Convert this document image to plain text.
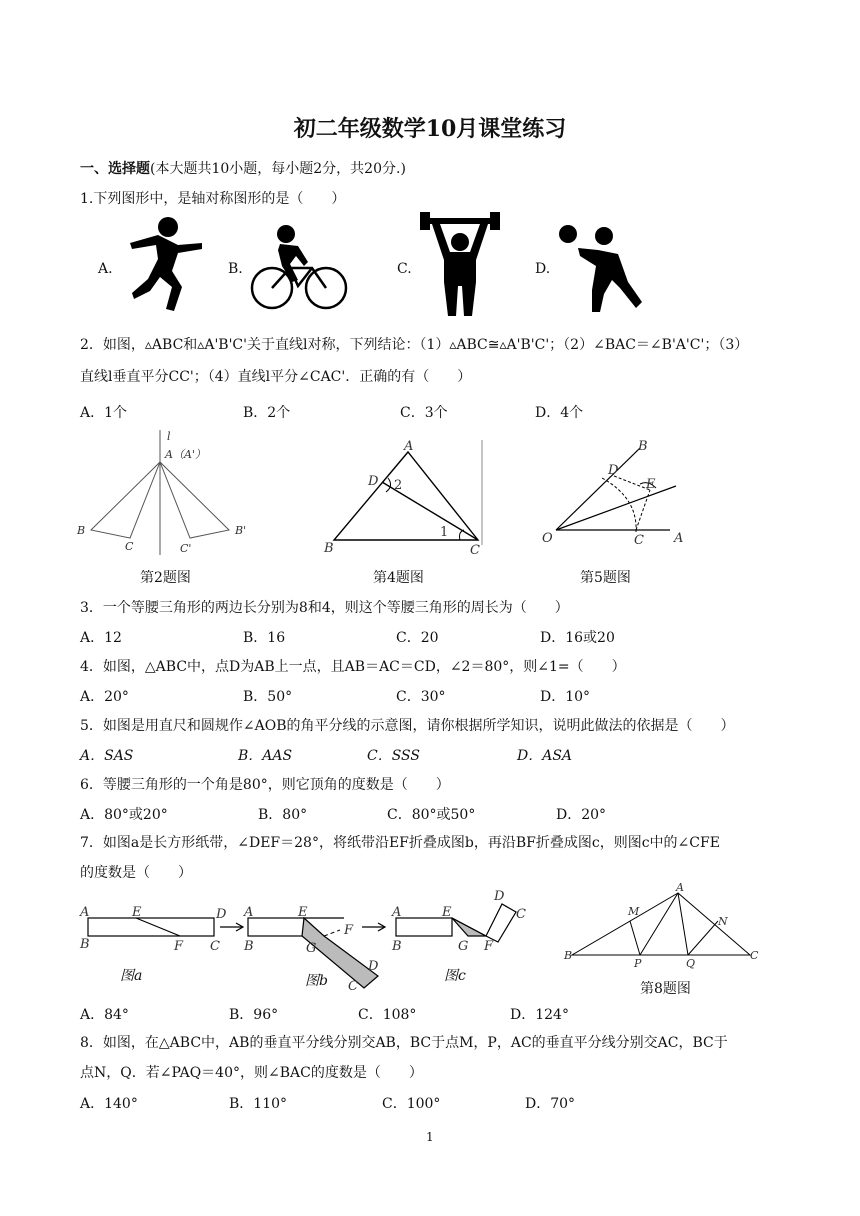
初二年级数学10月课堂练习
一、选择题(本大题共10小题，每小题2分，共20分.)
1.下列图形中，是轴对称图形的是（　　）
A.	B.	C.	D.
2．如图，▵ABC和▵A'B'C'关于直线l对称，下列结论：（1）▵ABC≅▵A'B'C'；（2）∠BAC＝∠B'A'C'；（3）
直线l垂直平分CC'；（4）直线l平分∠CAC'．正确的有（　　）
A．1个	B．2个	C．3个	D．4个
l
A（A'）
B
C	C'
B'
A
D 2
1
B	C
B
D
E
O	C A
第2题图	第4题图	第5题图
3．一个等腰三角形的两边长分别为8和4，则这个等腰三角形的周长为（　　）
A．12	B．16	C．20	D．16或20
4．如图，△ABC中，点D为AB上一点，且AB＝AC＝CD，∠2＝80°，则∠1=（　　）
A．20°	B．50°	C．30°	D．10°
5．如图是用直尺和圆规作∠AOB的角平分线的示意图，请你根据所学知识，说明此做法的依据是（　　）
A．SAS	B．AAS	C．SSS	D．ASA
6．等腰三角形的一个角是80°，则它顶角的度数是（　　）
A．80°或20°	B．80°	C．80°或50°	D．20°
7．如图a是长方形纸带，∠DEF＝28°，将纸带沿EF折叠成图b，再沿BF折叠成图c，则图c中的∠CFE
的度数是（　　）
A	E	D
B	F C
A	E
B	G
F
D
C
A	E
B	G F
D
C
图a	图b	图c
A
M
N
B
P	Q
C
第8题图
A．84°	B．96°	C．108°	D．124°
8．如图，在△ABC中，AB的垂直平分线分别交AB，BC于点M，P，AC的垂直平分线分别交AC，BC于
点N，Q．若∠PAQ＝40°，则∠BAC的度数是（　　）
A．140°	B．110°	C．100°	D．70°
1
